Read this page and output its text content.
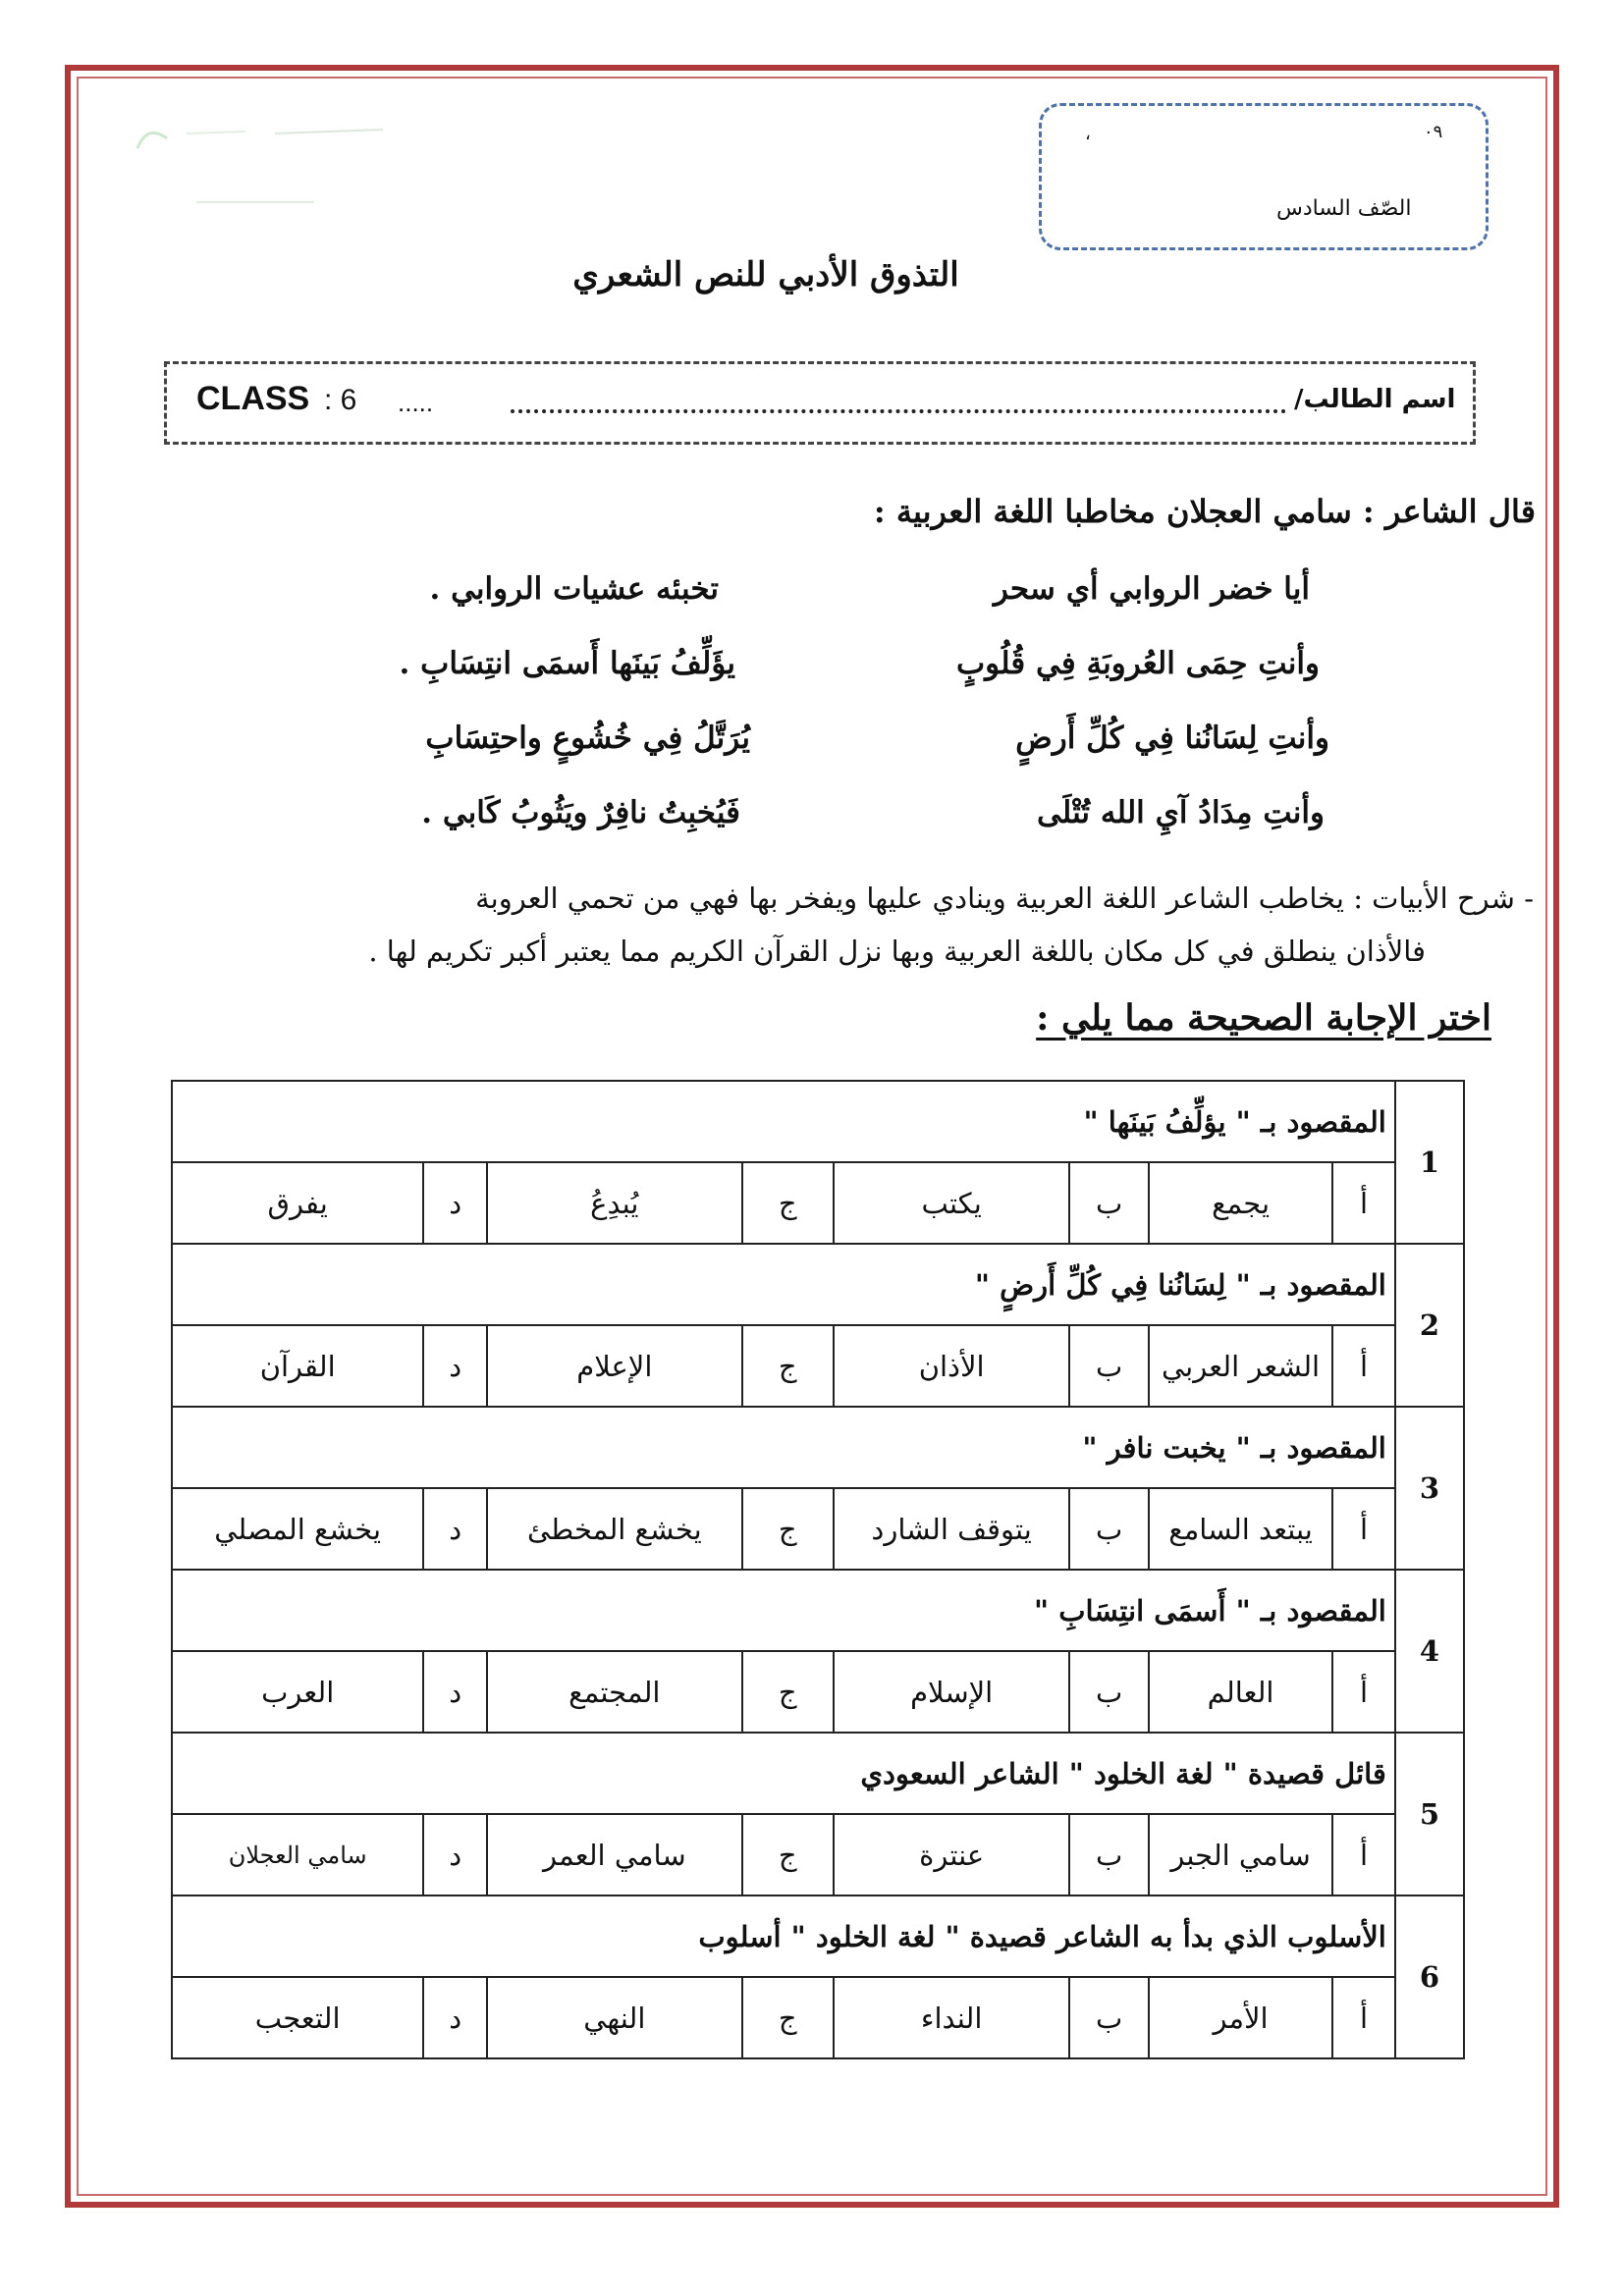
٠٩
،
الصّف السادس
التذوق الأدبي للنص الشعري
CLASS : 6 .....	اسم الطالب/
قال الشاعر : سامي العجلان مخاطبا اللغة العربية :
أيا خضر الروابي أي سحر
تخبئه عشيات الروابي .
وأنتِ حِمَى العُروبَةِ فِي قُلُوبٍ
يؤَلِّفُ بَينَها أَسمَى انتِسَابِ .
وأنتِ لِسَانُنا فِي كُلِّ أَرضٍ
يُرَتَّلُ فِي خُشُوعٍ واحتِسَابِ
وأنتِ مِدَادُ آيِ الله تُتْلَى
فَيُخبِتُ نافِرٌ ويَثُوبُ كَابي .
- شرح الأبيات : يخاطب الشاعر اللغة العربية وينادي عليها ويفخر بها فهي من تحمي العروبة
فالأذان ينطلق في كل مكان باللغة العربية وبها نزل القرآن الكريم مما يعتبر أكبر تكريم لها .
اختر الإجابة الصحيحة مما يلي :
1	المقصود بـ " يؤلِّفُ بَينَها "							
	أ	يجمع	ب	يكتب	ج	يُبدِعُ	د	يفرق
2	المقصود بـ " لِسَانُنا فِي كُلِّ أَرضٍ "							
	أ	الشعر العربي	ب	الأذان	ج	الإعلام	د	القرآن
3	المقصود بـ " يخبت نافر "							
	أ	يبتعد السامع	ب	يتوقف الشارد	ج	يخشع المخطئ	د	يخشع المصلي
4	المقصود بـ " أَسمَى انتِسَابِ "							
	أ	العالم	ب	الإسلام	ج	المجتمع	د	العرب
5	قائل قصيدة " لغة الخلود " الشاعر السعودي							
	أ	سامي الجبر	ب	عنترة	ج	سامي العمر	د	سامي العجلان
6	الأسلوب الذي بدأ به الشاعر قصيدة " لغة الخلود " أسلوب							
	أ	الأمر	ب	النداء	ج	النهي	د	التعجب
